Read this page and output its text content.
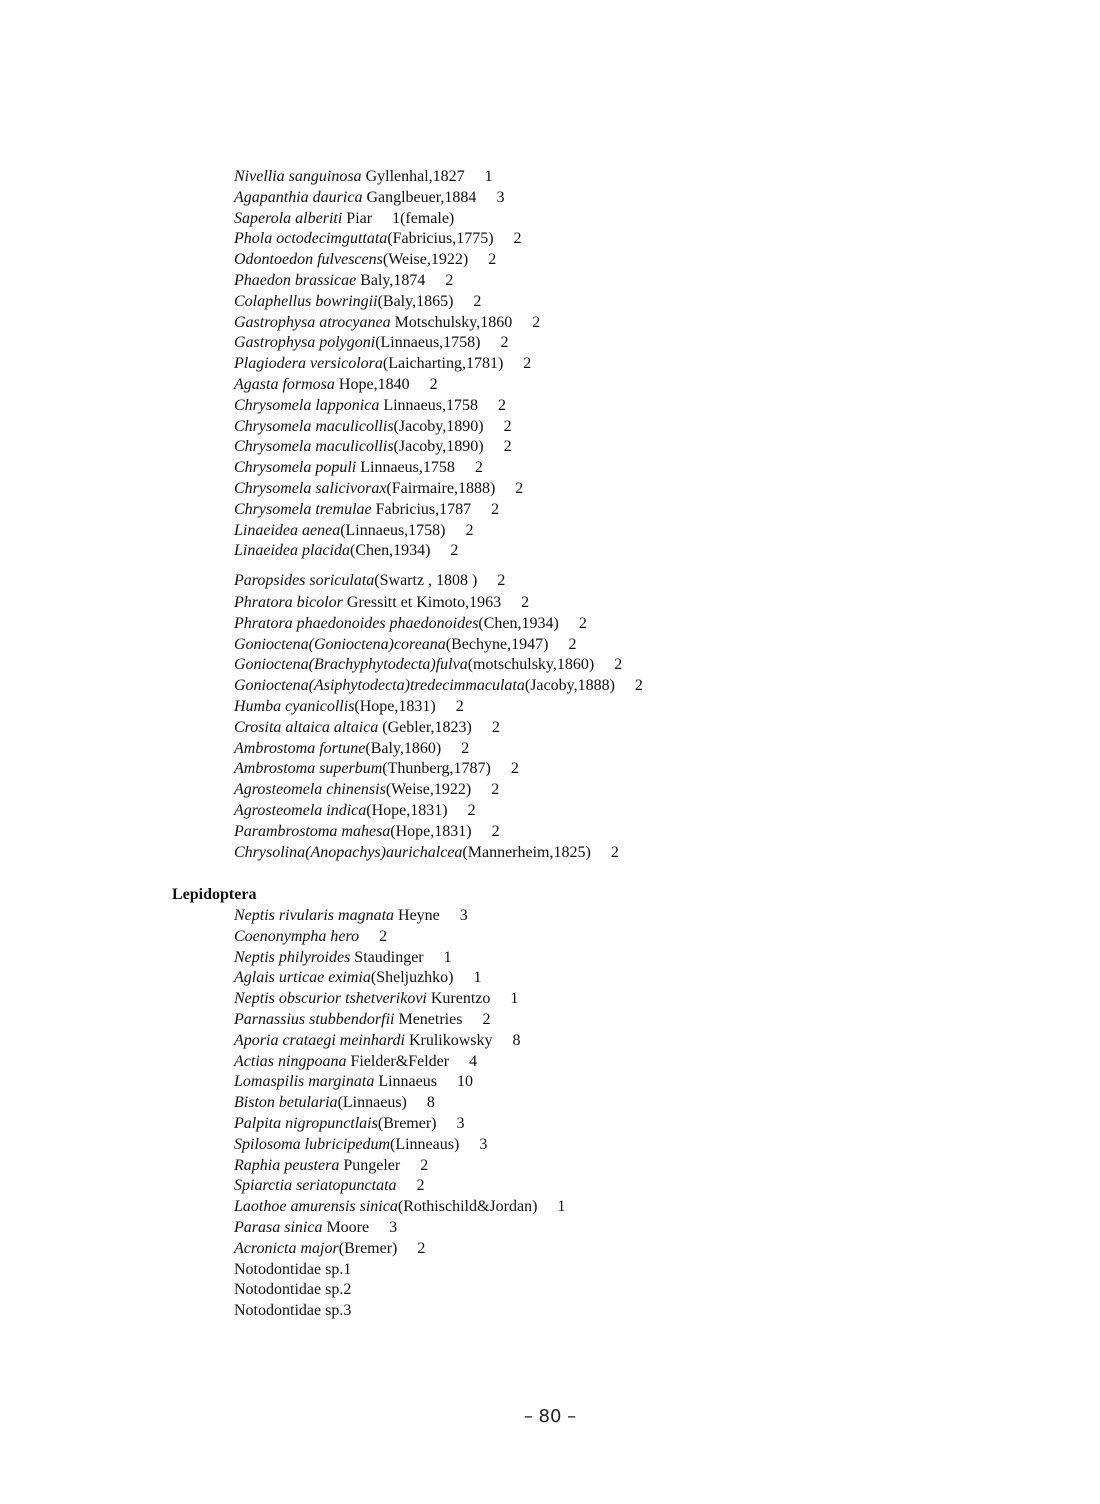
Nivellia sanguinosa Gyllenhal,1827 1
Agapanthia daurica Ganglbeuer,1884 3
Saperola alberiti Piar 1(female)
Phola octodecimguttata(Fabricius,1775) 2
Odontoedon fulvescens(Weise,1922) 2
Phaedon brassicae Baly,1874 2
Colaphellus bowringii(Baly,1865) 2
Gastrophysa atrocyanea Motschulsky,1860 2
Gastrophysa polygoni(Linnaeus,1758) 2
Plagiodera versicolora(Laicharting,1781) 2
Agasta formosa Hope,1840 2
Chrysomela lapponica Linnaeus,1758 2
Chrysomela maculicollis(Jacoby,1890) 2
Chrysomela maculicollis(Jacoby,1890) 2
Chrysomela populi Linnaeus,1758 2
Chrysomela salicivorax(Fairmaire,1888) 2
Chrysomela tremulae Fabricius,1787 2
Linaeidea aenea(Linnaeus,1758) 2
Linaeidea placida(Chen,1934) 2
Paropsides soriculata(Swartz , 1808 ) 2
Phratora bicolor Gressitt et Kimoto,1963 2
Phratora phaedonoides phaedonoides(Chen,1934) 2
Gonioctena(Gonioctena)coreana(Bechyne,1947) 2
Gonioctena(Brachyphytodecta)fulva(motschulsky,1860) 2
Gonioctena(Asiphytodecta)tredecimmaculata(Jacoby,1888) 2
Humba cyanicollis(Hope,1831) 2
Crosita altaica altaica (Gebler,1823) 2
Ambrostoma fortune(Baly,1860) 2
Ambrostoma superbum(Thunberg,1787) 2
Agrosteomela chinensis(Weise,1922) 2
Agrosteomela indica(Hope,1831) 2
Parambrostoma mahesa(Hope,1831) 2
Chrysolina(Anopachys)aurichalcea(Mannerheim,1825) 2
Lepidoptera
Neptis rivularis magnata Heyne 3
Coenonympha hero 2
Neptis philyroides Staudinger 1
Aglais urticae eximia(Sheljuzhko) 1
Neptis obscurior tshetverikovi Kurentzo 1
Parnassius stubbendorfii Menetries 2
Aporia crataegi meinhardi Krulikowsky 8
Actias ningpoana Fielder&Felder 4
Lomaspilis marginata Linnaeus 10
Biston betularia(Linnaeus) 8
Palpita nigropunctlais(Bremer) 3
Spilosoma lubricipedum(Linneaus) 3
Raphia peustera Pungeler 2
Spiarctia seriatopunctata 2
Laothoe amurensis sinica(Rothischild&Jordan) 1
Parasa sinica Moore 3
Acronicta major(Bremer) 2
Notodontidae sp.1
Notodontidae sp.2
Notodontidae sp.3
– 80 –
